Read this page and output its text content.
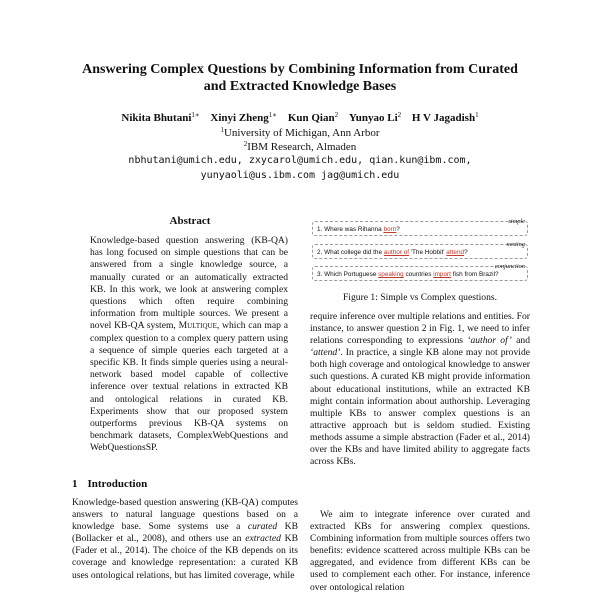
Answering Complex Questions by Combining Information from Curated
and Extracted Knowledge Bases
Nikita Bhutani$^{1∗}$ Xinyi Zheng$^{1∗}$ Kun Qian$^2$ Yunyao Li$^2$ H V Jagadish$^1$
$^1$University of Michigan, Ann Arbor
$^2$IBM Research, Almaden
nbhutani@umich.edu, zxycarol@umich.edu, qian.kun@ibm.com,
yunyaoli@us.ibm.com jag@umich.edu
Abstract
Knowledge-based question answering (KB-QA) has long focused on simple questions that can be answered from a single knowledge source, a manually curated or an automatically extracted KB. In this work, we look at answering complex questions which often require combining information from multiple sources. We present a novel KB-QA system, Multique, which can map a complex question to a complex query pattern using a sequence of simple queries each targeted at a specific KB. It finds simple queries using a neural-network based model capable of collective inference over textual relations in extracted KB and ontological relations in curated KB. Experiments show that our proposed system outperforms previous KB-QA systems on benchmark datasets, ComplexWebQuestions and WebQuestionsSP.
1 Introduction
Knowledge-based question answering (KB-QA) computes answers to natural language questions based on a knowledge base. Some systems use a curated KB (Bollacker et al., 2008), and others use an extracted KB (Fader et al., 2014). The choice of the KB depends on its coverage and knowledge representation: a curated KB uses ontological relations, but has limited coverage, while
simple
1. Where was Rihanna born?
nesting
2. What college did the author of 'The Hobbit' attend?
conjunction
3. Which Portuguese speaking countries import fish from Brazil?
Figure 1: Simple vs Complex questions.
require inference over multiple relations and entities. For instance, to answer question 2 in Fig. 1, we need to infer relations corresponding to expressions ‘author of’ and ‘attend’. In practice, a single KB alone may not provide both high coverage and ontological knowledge to answer such questions. A curated KB might provide information about educational institutions, while an extracted KB might contain information about authorship. Leveraging multiple KBs to answer complex questions is an attractive approach but is seldom studied. Existing methods assume a simple abstraction (Fader et al., 2014) over the KBs and have limited ability to aggregate facts across KBs.
We aim to integrate inference over curated and extracted KBs for answering complex questions. Combining information from multiple sources offers two benefits: evidence scattered across multiple KBs can be aggregated, and evidence from different KBs can be used to complement each other. For instance, inference over ontological relation
